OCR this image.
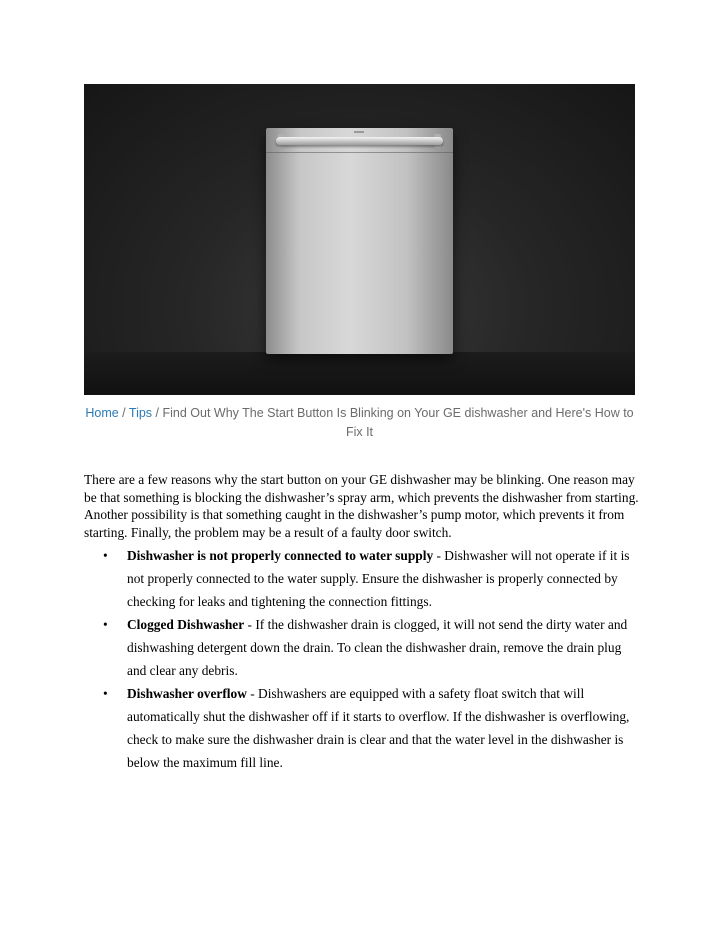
Home / Tips / Find Out Why The Start Button Is Blinking on Your GE dishwasher and Here's How to Fix It

There are a few reasons why the start button on your GE dishwasher may be blinking. One reason may be that something is blocking the dishwasher’s spray arm, which prevents the dishwasher from starting. Another possibility is that something caught in the dishwasher’s pump motor, which prevents it from starting. Finally, the problem may be a result of a faulty door switch.

• Dishwasher is not properly connected to water supply - Dishwasher will not operate if it is not properly connected to the water supply. Ensure the dishwasher is properly connected by checking for leaks and tightening the connection fittings.
• Clogged Dishwasher - If the dishwasher drain is clogged, it will not send the dirty water and dishwashing detergent down the drain. To clean the dishwasher drain, remove the drain plug and clear any debris.
• Dishwasher overflow - Dishwashers are equipped with a safety float switch that will automatically shut the dishwasher off if it starts to overflow. If the dishwasher is overflowing, check to make sure the dishwasher drain is clear and that the water level in the dishwasher is below the maximum fill line.
